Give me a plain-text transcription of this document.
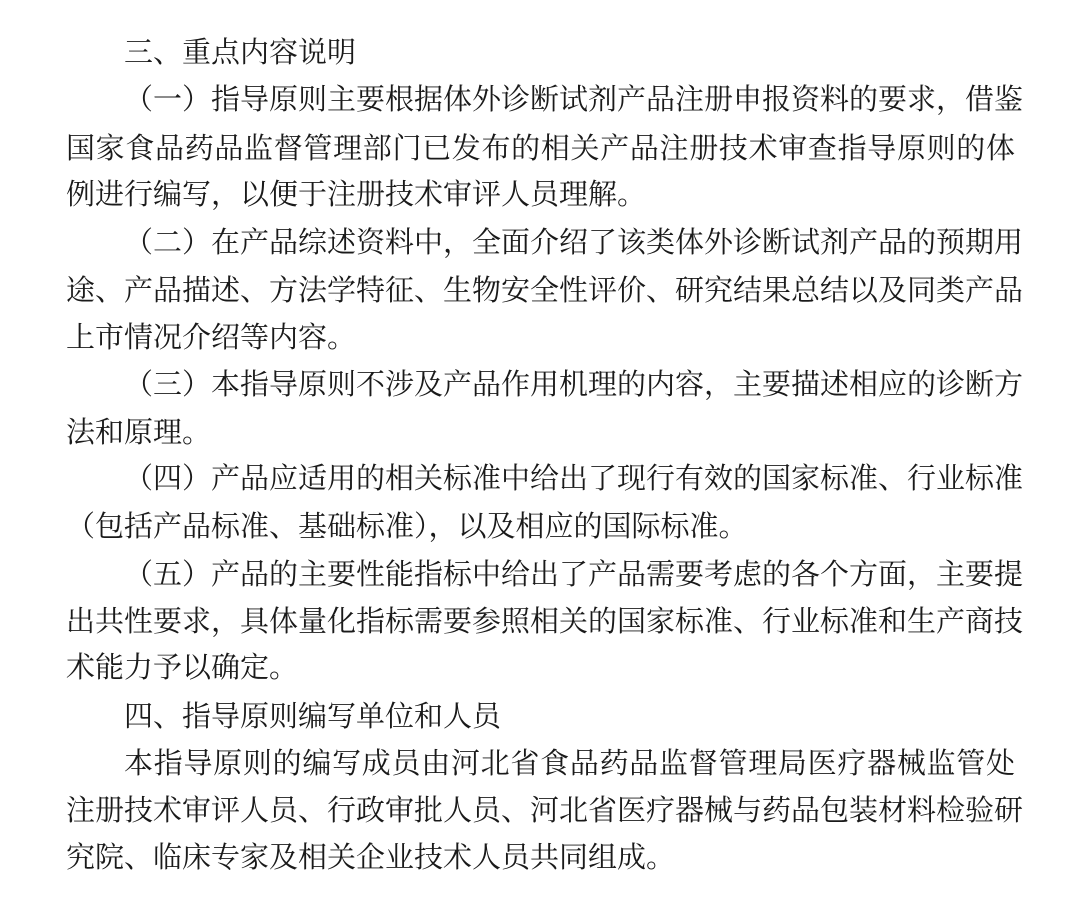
三、重点内容说明
（一）指导原则主要根据体外诊断试剂产品注册申报资料的要求，借鉴
国家食品药品监督管理部门已发布的相关产品注册技术审查指导原则的体
例进行编写，以便于注册技术审评人员理解。
（二）在产品综述资料中，全面介绍了该类体外诊断试剂产品的预期用
途、产品描述、方法学特征、生物安全性评价、研究结果总结以及同类产品
上市情况介绍等内容。
（三）本指导原则不涉及产品作用机理的内容，主要描述相应的诊断方
法和原理。
（四）产品应适用的相关标准中给出了现行有效的国家标准、行业标准
（包括产品标准、基础标准），以及相应的国际标准。
（五）产品的主要性能指标中给出了产品需要考虑的各个方面，主要提
出共性要求，具体量化指标需要参照相关的国家标准、行业标准和生产商技
术能力予以确定。
四、指导原则编写单位和人员
本指导原则的编写成员由河北省食品药品监督管理局医疗器械监管处
注册技术审评人员、行政审批人员、河北省医疗器械与药品包装材料检验研
究院、临床专家及相关企业技术人员共同组成。
